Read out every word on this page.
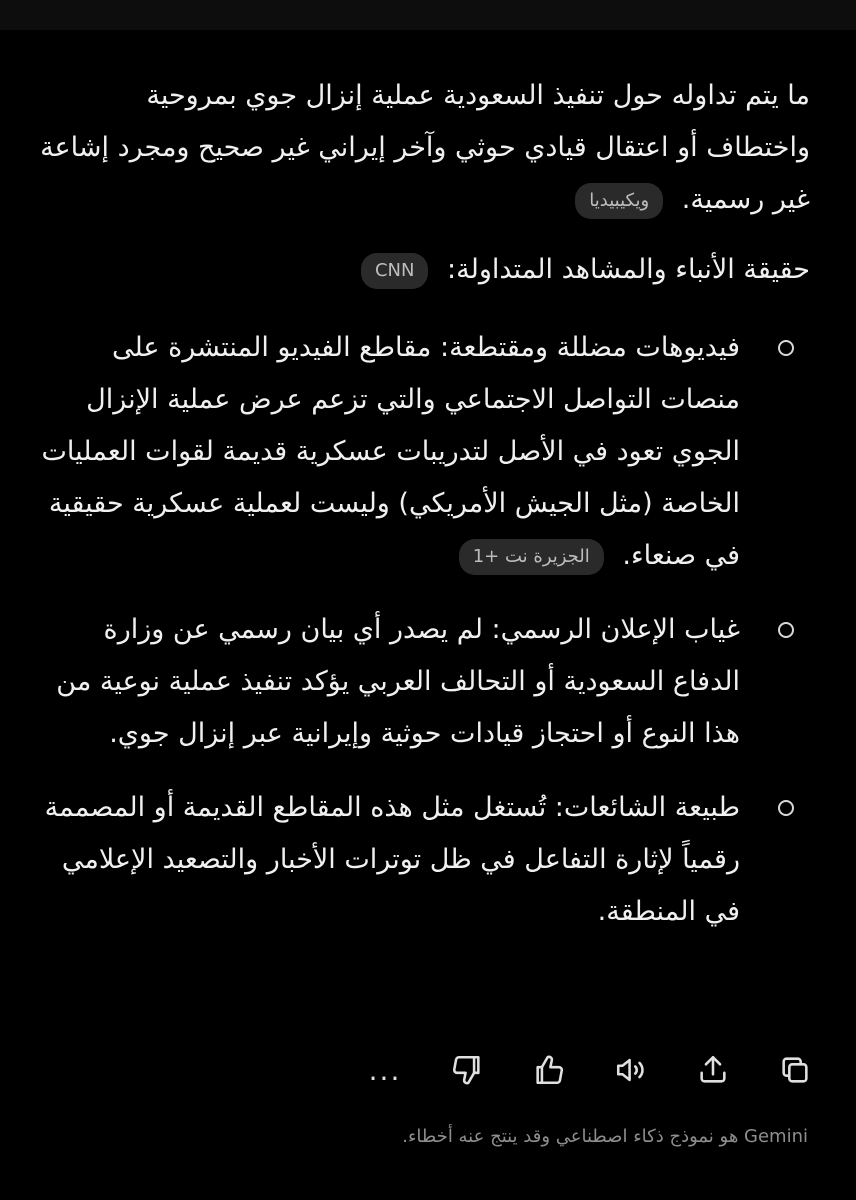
ما يتم تداوله حول تنفيذ السعودية عملية إنزال جوي بمروحية واختطاف أو اعتقال قيادي حوثي وآخر إيراني غير صحيح ومجرد إشاعة غير رسمية. ويكيبيديا

حقيقة الأنباء والمشاهد المتداولة: CNN

فيديوهات مضللة ومقتطعة: مقاطع الفيديو المنتشرة على منصات التواصل الاجتماعي والتي تزعم عرض عملية الإنزال الجوي تعود في الأصل لتدريبات عسكرية قديمة لقوات العمليات الخاصة (مثل الجيش الأمريكي) وليست لعملية عسكرية حقيقية في صنعاء. الجزيرة نت +1
غياب الإعلان الرسمي: لم يصدر أي بيان رسمي عن وزارة الدفاع السعودية أو التحالف العربي يؤكد تنفيذ عملية نوعية من هذا النوع أو احتجاز قيادات حوثية وإيرانية عبر إنزال جوي.
طبيعة الشائعات: تُستغل مثل هذه المقاطع القديمة أو المصممة رقمياً لإثارة التفاعل في ظل توترات الأخبار والتصعيد الإعلامي في المنطقة.
...
Gemini هو نموذج ذكاء اصطناعي وقد ينتج عنه أخطاء.
